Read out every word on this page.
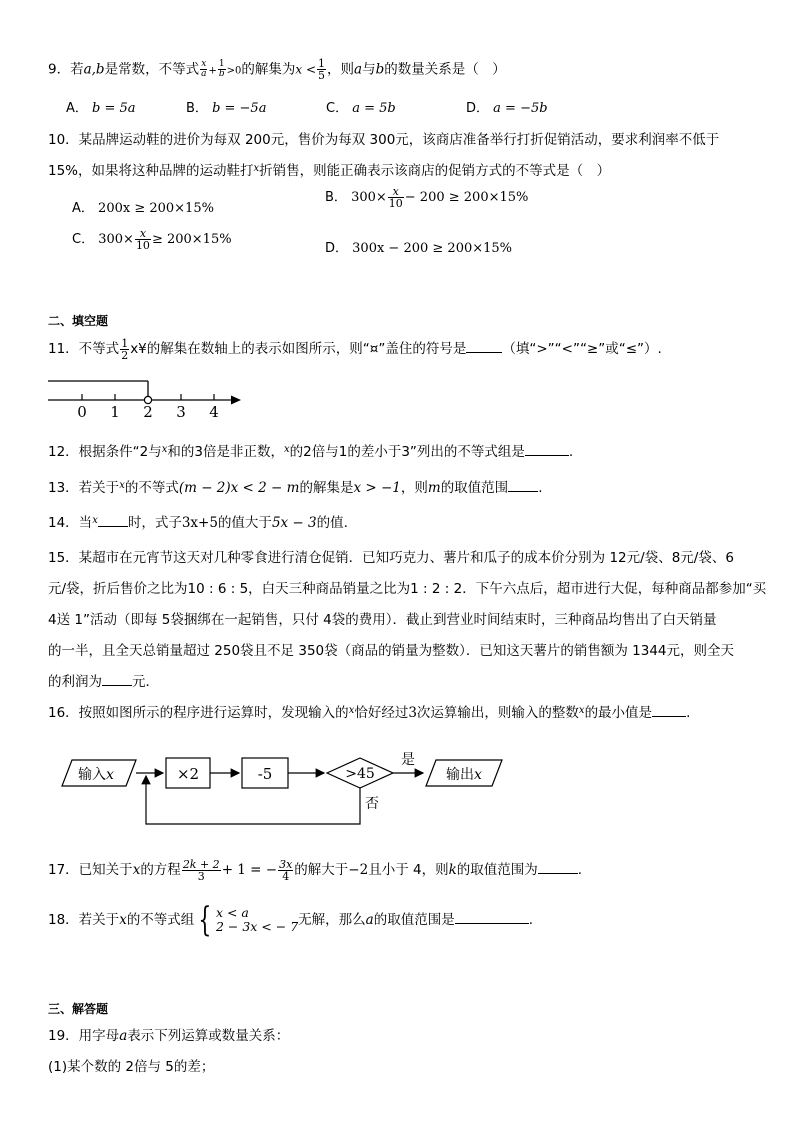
9．若a,b是常数，不等式 $\frac{x}{a} + \frac{1}{b} >0$的解集为$x < \frac{1}{5}$ ，则a与b的数量关系是（　）
A． b = 5a	B． b = −5a	C． a = 5b	D． a = −5b
10．某品牌运动鞋的进价为每双 200元，售价为每双 300元，该商店准备举行打折促销活动，要求利润率不低于
15%，如果将这种品牌的运动鞋打$^x$折销售，则能正确表示该商店的促销方式的不等式是（　）
A． 200x ≥ 200×15%
B． $300\times \frac{x}{10} - 200 \ge 200\times 15\%$
C． $300\times \frac{x}{10} \ge 200\times 15\%$
D． 300x − 200 ≥ 200×15%
二、填空题
11．不等式 $\frac{1}{2}$ x¥的解集在数轴上的表示如图所示，则“¤”盖住的符号是	（填“>”“<”“≥”或“≤”）.
0 1 2 3 4
12．根据条件“2与$^x$和的3倍是非正数，$^x$的2倍与1的差小于3”列出的不等式组是	.
13．若关于$^x$的不等式(m − 2)x < 2 − m的解集是x > −1，则m的取值范围 .
14．当$^x$ 时，式子3x+5的值大于5x − 3的值.
15．某超市在元宵节这天对几种零食进行清仓促销．已知巧克力、薯片和瓜子的成本价分别为 12元/袋、8元/袋、6
元/袋，折后售价之比为10 : 6 : 5，白天三种商品销量之比为1 : 2 : 2．下午六点后，超市进行大促，每种商品都参加“买
4送 1”活动（即每 5袋捆绑在一起销售，只付 4袋的费用）．截止到营业时间结束时，三种商品均售出了白天销量
的一半，且全天总销量超过 250袋且不足 350袋（商品的销量为整数）．已知这天薯片的销售额为 1344元，则全天
的利润为 元．
16．按照如图所示的程序进行运算时，发现输入的$^x$恰好经过3次运算输出，则输入的整数$^x$的最小值是	.
输入x	×2	-5	>45
是
输出x
否
17．已知关于x的方程 $\frac{2k + 2}{3} + 1$ = − $\frac{3x}{4}$ 的解大于−2且小于 4，则k的取值范围为	.
18．若关于x的不等式组 { x < a
2 − 3x < − 7 无解，那么a的取值范围是	.
三、解答题
19．用字母a表示下列运算或数量关系：
(1)某个数的 2倍与 5的差；
